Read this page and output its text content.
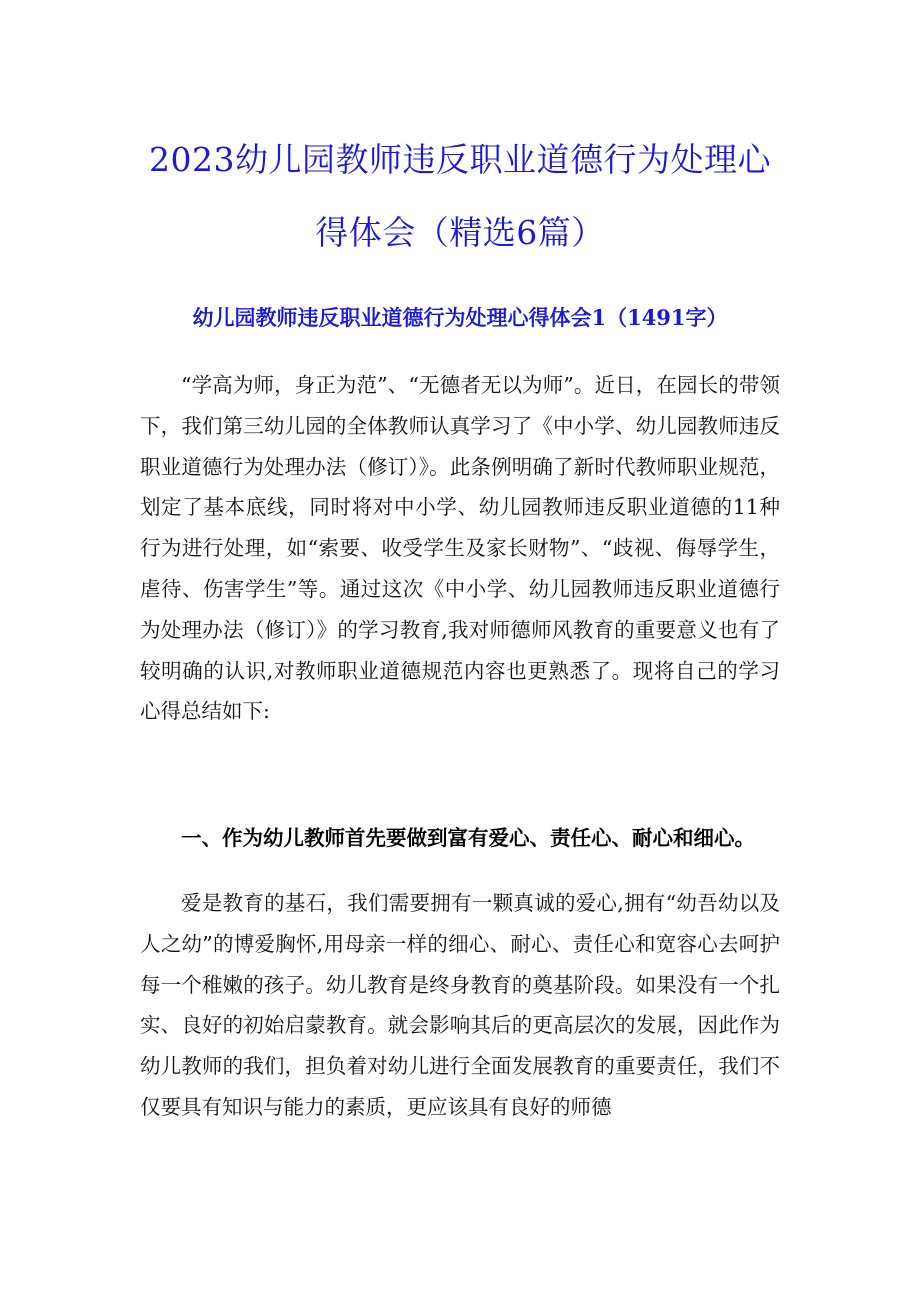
2023幼儿园教师违反职业道德行为处理心
得体会（精选6篇）
幼儿园教师违反职业道德行为处理心得体会1（1491字）

“学高为师，身正为范”、“无德者无以为师”。近日，在园长的带领下，我们第三幼儿园的全体教师认真学习了《中小学、幼儿园教师违反职业道德行为处理办法（修订）》。此条例明确了新时代教师职业规范，划定了基本底线，同时将对中小学、幼儿园教师违反职业道德的11种行为进行处理，如“索要、收受学生及家长财物”、“歧视、侮辱学生，虐待、伤害学生”等。通过这次《中小学、幼儿园教师违反职业道德行为处理办法（修订）》的学习教育,我对师德师风教育的重要意义也有了较明确的认识,对教师职业道德规范内容也更熟悉了。现将自己的学习心得总结如下:

一、作为幼儿教师首先要做到富有爱心、责任心、耐心和细心。

爱是教育的基石，我们需要拥有一颗真诚的爱心,拥有“幼吾幼以及人之幼”的博爱胸怀,用母亲一样的细心、耐心、责任心和宽容心去呵护每一个稚嫩的孩子。幼儿教育是终身教育的奠基阶段。如果没有一个扎实、良好的初始启蒙教育。就会影响其后的更高层次的发展，因此作为幼儿教师的我们，担负着对幼儿进行全面发展教育的重要责任，我们不仅要具有知识与能力的素质，更应该具有良好的师德
